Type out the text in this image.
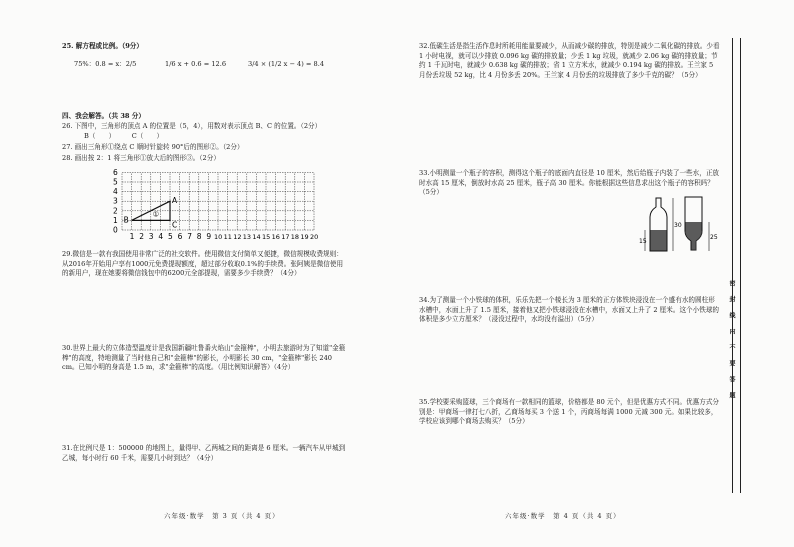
25. 解方程或比例。（9分）
75%：0.8 = x：2/5	1/6 x + 0.6 = 12.6	3/4 × (1/2 x − 4) = 8.4
四、我会解答。（共 38 分）
26. 下图中，三角形的顶点 A 的位置是（5，4），用数对表示顶点 B、C 的位置。（2分）
B（　　）　　　C（　　）
27. 画出三角形①绕点 C 顺时针旋转 90°后的图形②。（2分）
28. 画出按 2：1 将三角形①放大后的图形③。（2分）
0
1
2
3
4
5
6
1 2 3 4 5 6 7 8 9 10 11 12 13 14 15 16 17 18 19 20
A
B
C
①
29.微信是一款有我国使用非常广泛的社交软件。使用微信支付简单又便捷，微信规模收费规则：从2016年开始用户享有1000元免费提现额度，超过部分收取0.1%的手续费。张阿姨是微信使用的新用户，现在她要将微信钱包中的6200元全部提现，需要多少手续费？（4分）
30.世界上最大的立体造型温度计是我国新疆吐鲁番火焰山"金箍棒"，小明去旅游时为了知道"金箍棒"的高度，特地测量了当时他自己和"金箍棒"的影长，小明影长 30 cm，"金箍棒"影长 240 cm。已知小明的身高是 1.5 m，求"金箍棒"的高度。（用比例知识解答）（4分）
31.在比例尺是 1：500000 的地图上，量得甲、乙两城之间的距离是 6 厘米。一辆汽车从甲城到乙城，每小时行 60 千米，需要几小时到达？（4分）
六年级·数学　第 3 页（共 4 页）
32.低碳生活是指生活作息时所耗用能量要减少，从而减少碳的排放，特别是减少二氧化碳的排放。少看 1 小时电视，就可以少排放 0.096 kg 碳的排放量；少丢 1 kg 垃圾，就减少 2.06 kg 碳的排放量；节约 1 千瓦时电，就减少 0.638 kg 碳的排放；省 1 立方米水，就减少 0.194 kg 碳的排放。王兰家 5 月份丢垃圾 52 kg，比 4 月份多丢 20%。王兰家 4 月份丢的垃圾排放了多少千克的碳？（5分）
33.小明测量一个瓶子的容积，测得这个瓶子的底面内直径是 10 厘米，然后给瓶子内装了一些水，正放时水高 15 厘米，倒放时水高 25 厘米，瓶子高 30 厘米。你能根据这些信息求出这个瓶子的容积吗？（5分）
15
30
25
34.为了测量一个小铁球的体积，乐乐先把一个棱长为 3 厘米的正方体铁块浸没在一个盛有水的圆柱形水槽中，水面上升了 1.5 厘米，接着他又把小铁球浸没在水槽中，水面又上升了 2 厘米。这个小铁球的体积是多少立方厘米？（浸没过程中，水均没有溢出）（5分）
35.学校要采购篮球，三个商场有一款相同的篮球，价格都是 80 元个，但是优惠方式不同。优惠方式分别是：甲商场一律打七八折，乙商场每买 3 个送 1 个，丙商场每满 1000 元减 300 元。如果比较多，学校应该到哪个商场去购买？（5分）
六年级·数学　第 4 页（共 4 页）
密封线内不要答题
